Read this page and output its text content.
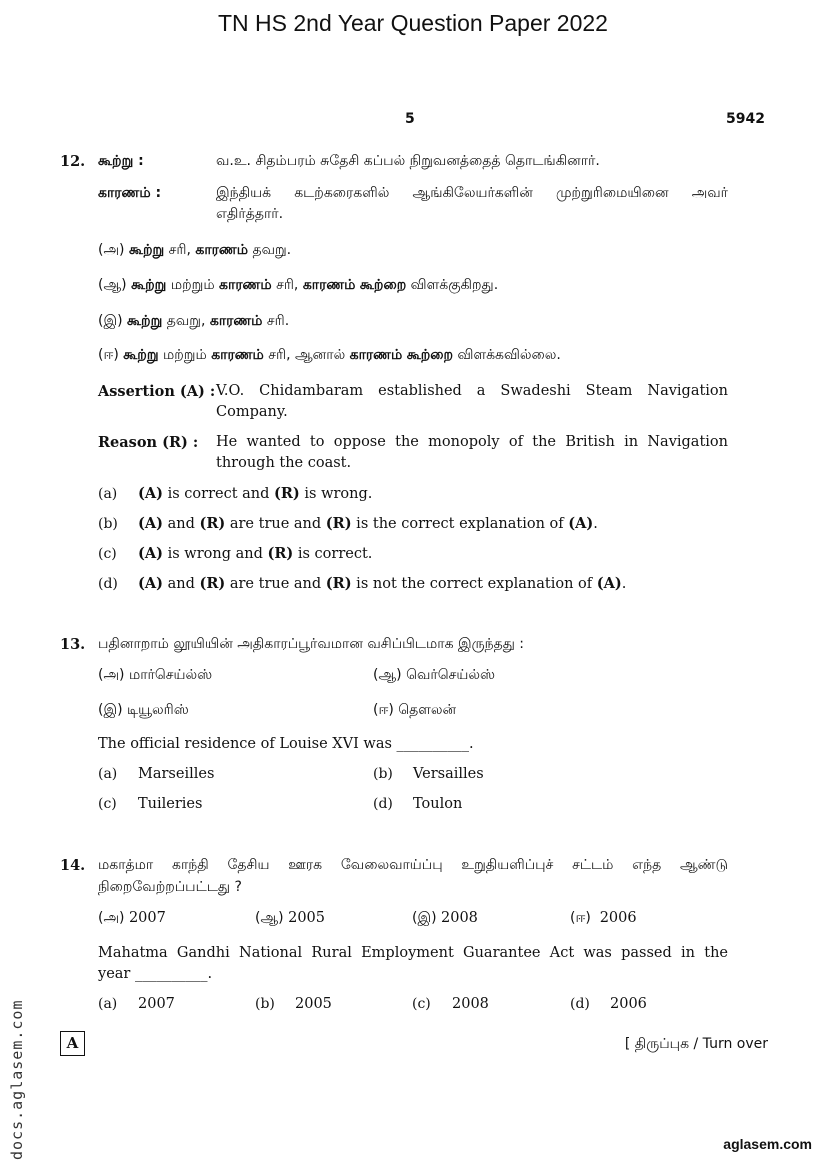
TN HS 2nd Year Question Paper 2022
5	5942
12. கூற்று :	வ.உ. சிதம்பரம் சுதேசி கப்பல் நிறுவனத்தைத் தொடங்கினார்.
காரணம் :	இந்தியக் கடற்கரைகளில் ஆங்கிலேயர்களின் முற்றுரிமையினை அவர்
எதிர்த்தார்.
(அ) கூற்று சரி, காரணம் தவறு.
(ஆ) கூற்று மற்றும் காரணம் சரி, காரணம் கூற்றை விளக்குகிறது.
(இ) கூற்று தவறு, காரணம் சரி.
(ஈ) கூற்று மற்றும் காரணம் சரி, ஆனால் காரணம் கூற்றை விளக்கவில்லை.
Assertion (A) : V.O. Chidambaram established a Swadeshi Steam Navigation
Company.
Reason (R) : He wanted to oppose the monopoly of the British in Navigation
through the coast.
(a) (A) is correct and (R) is wrong.
(b) (A) and (R) are true and (R) is the correct explanation of (A).
(c) (A) is wrong and (R) is correct.
(d) (A) and (R) are true and (R) is not the correct explanation of (A).
13. பதினாறாம் லூயியின் அதிகாரப்பூர்வமான வசிப்பிடமாக இருந்தது :
(அ) மார்செய்ல்ஸ்	(ஆ) வெர்செய்ல்ஸ்
(இ) டியூலரிஸ்	(ஈ) தௌலன்
The official residence of Louise XVI was __________.
(a) Marseilles	(b) Versailles
(c) Tuileries	(d) Toulon
14. மகாத்மா காந்தி தேசிய ஊரக வேலைவாய்ப்பு உறுதியளிப்புச் சட்டம் எந்த ஆண்டு
நிறைவேற்றப்பட்டது ?
(அ) 2007	(ஆ) 2005	(இ) 2008	(ஈ) 2006
Mahatma Gandhi National Rural Employment Guarantee Act was passed in the
year __________.
(a) 2007	(b) 2005	(c) 2008	(d) 2006
A	[ திருப்புக / Turn over
docs.aglasem.com	aglasem.com
